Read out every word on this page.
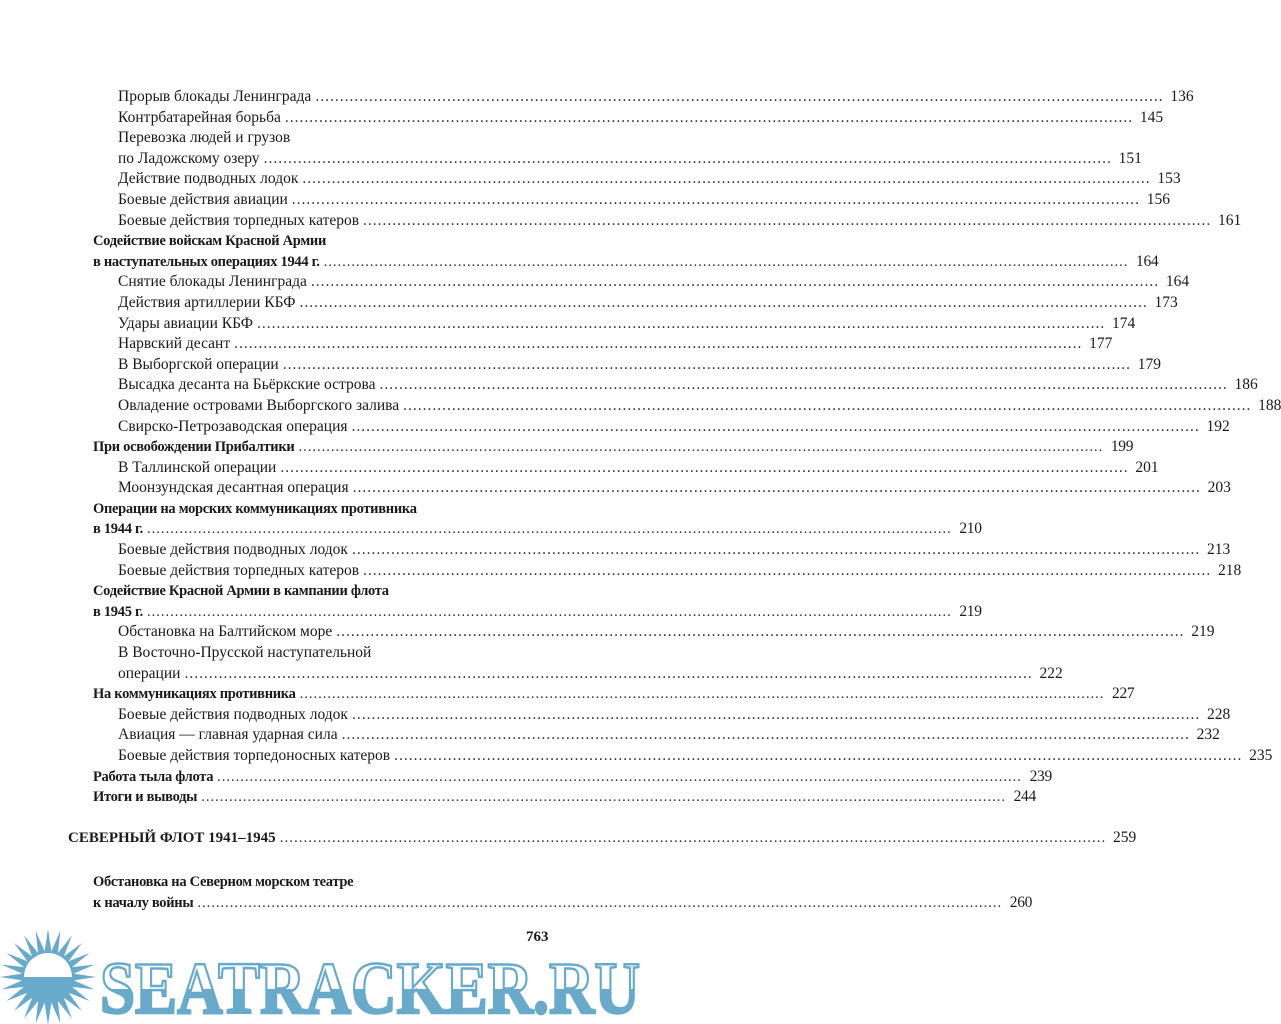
Прорыв блокады Ленинграда .....	136
Контрбатарейная борьба .....	145
Перевозка людей и грузов
по Ладожскому озеру .....	151
Действие подводных лодок .....	153
Боевые действия авиации .....	156
Боевые действия торпедных катеров .....	161
Содействие войскам Красной Армии
в наступательных операциях 1944 г. .....	164
Снятие блокады Ленинграда .....	164
Действия артиллерии КБФ .....	173
Удары авиации КБФ .....	174
Нарвский десант .....	177
В Выборгской операции .....	179
Высадка десанта на Бьёркские острова .....	186
Овладение островами Выборгского залива .....	188
Свирско-Петрозаводская операция .....	192
При освобождении Прибалтики .....	199
В Таллинской операции .....	201
Моонзундская десантная операция .....	203
Операции на морских коммуникациях противника
в 1944 г. .....	210
Боевые действия подводных лодок .....	213
Боевые действия торпедных катеров .....	218
Содействие Красной Армии в кампании флота
в 1945 г. .....	219
Обстановка на Балтийском море .....	219
В Восточно-Прусской наступательной
операции .....	222
На коммуникациях противника .....	227
Боевые действия подводных лодок .....	228
Авиация — главная ударная сила .....	232
Боевые действия торпедоносных катеров .....	235
Работа тыла флота .....	239
Итоги и выводы .....	244
СЕВЕРНЫЙ ФЛОТ 1941–1945 .....	259
Обстановка на Северном морском театре
к началу войны .....	260
763
SEATRACKER.RU
